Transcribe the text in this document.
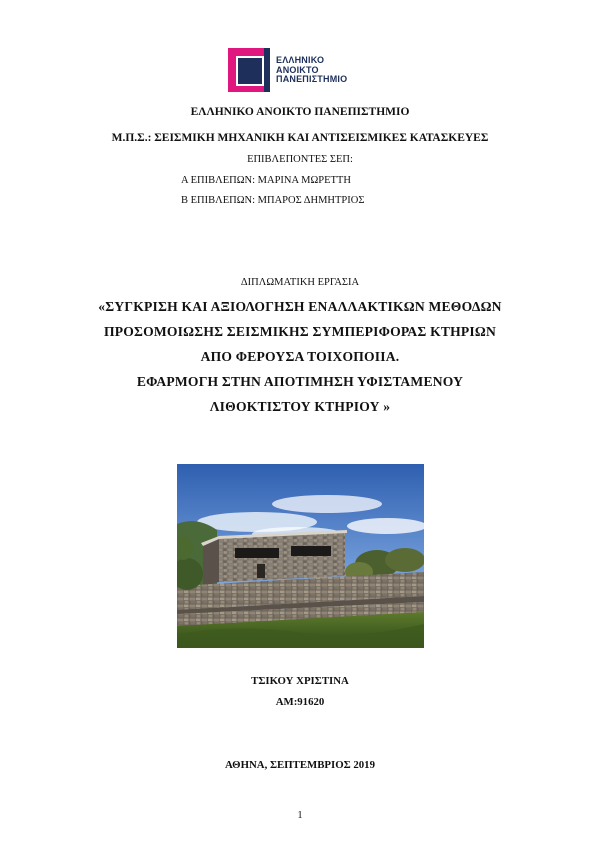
ΕΛΛΗΝΙΚΟ
ΑΝΟΙΚΤΟ
ΠΑΝΕΠΙΣΤΗΜΙΟ
ΕΛΛΗΝΙΚΟ ΑΝΟΙΚΤΟ ΠΑΝΕΠΙΣΤΗΜΙΟ
Μ.Π.Σ.: ΣΕΙΣΜΙΚΗ ΜΗΧΑΝΙΚΗ ΚΑΙ ΑΝΤΙΣΕΙΣΜΙΚΕΣ ΚΑΤΑΣΚΕΥΕΣ
ΕΠΙΒΛΕΠΟΝΤΕΣ ΣΕΠ:
Α ΕΠΙΒΛΕΠΩΝ: ΜΑΡΙΝΑ ΜΩΡΕΤΤΗ
Β ΕΠΙΒΛΕΠΩΝ: ΜΠΑΡΟΣ ΔΗΜΗΤΡΙΟΣ
ΔΙΠΛΩΜΑΤΙΚΗ ΕΡΓΑΣΙΑ
«ΣΥΓΚΡΙΣΗ ΚΑΙ ΑΞΙΟΛΟΓΗΣΗ ΕΝΑΛΛΑΚΤΙΚΩΝ ΜΕΘΟΔΩΝ
ΠΡΟΣΟΜΟΙΩΣΗΣ ΣΕΙΣΜΙΚΗΣ ΣΥΜΠΕΡΙΦΟΡΑΣ ΚΤΗΡΙΩΝ
ΑΠΟ ΦΕΡΟΥΣΑ ΤΟΙΧΟΠΟΙΙΑ.
ΕΦΑΡΜΟΓΗ ΣΤΗΝ ΑΠΟΤΙΜΗΣΗ ΥΦΙΣΤΑΜΕΝΟΥ
ΛΙΘΟΚΤΙΣΤΟΥ ΚΤΗΡΙΟΥ »
ΤΣΙΚΟΥ ΧΡΙΣΤΙΝΑ
ΑΜ:91620
ΑΘΗΝΑ, ΣΕΠΤΕΜΒΡΙΟΣ 2019
1
